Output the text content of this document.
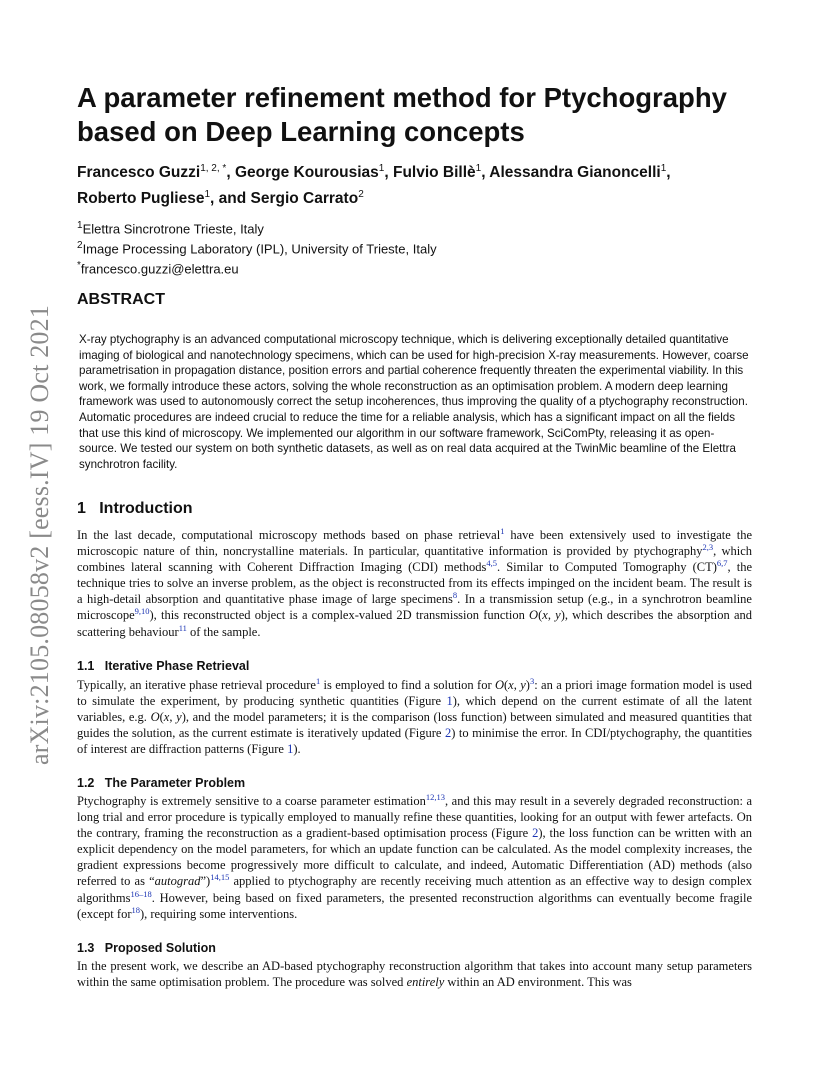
arXiv:2105.08058v2 [eess.IV] 19 Oct 2021
A parameter refinement method for Ptychography based on Deep Learning concepts
Francesco Guzzi$^{1, 2, *}$, George Kourousias$^1$, Fulvio Billè$^1$, Alessandra Gianoncelli$^1$,
Roberto Pugliese$^1$, and Sergio Carrato$^2$
$^1$Elettra Sincrotrone Trieste, Italy
$^2$Image Processing Laboratory (IPL), University of Trieste, Italy
*francesco.guzzi@elettra.eu
ABSTRACT

X-ray ptychography is an advanced computational microscopy technique, which is delivering exceptionally detailed quantitative imaging of biological and nanotechnology specimens, which can be used for high-precision X-ray measurements. However, coarse parametrisation in propagation distance, position errors and partial coherence frequently threaten the experimental viability. In this work, we formally introduce these actors, solving the whole reconstruction as an optimisation problem. A modern deep learning framework was used to autonomously correct the setup incoherences, thus improving the quality of a ptychography reconstruction. Automatic procedures are indeed crucial to reduce the time for a reliable analysis, which has a significant impact on all the fields that use this kind of microscopy. We implemented our algorithm in our software framework, SciComPty, releasing it as open-source. We tested our system on both synthetic datasets, as well as on real data acquired at the TwinMic beamline of the Elettra synchrotron facility.

1   Introduction

In the last decade, computational microscopy methods based on phase retrieval$^1$ have been extensively used to investigate the microscopic nature of thin, noncrystalline materials. In particular, quantitative information is provided by ptychography$^{2,3}$, which combines lateral scanning with Coherent Diffraction Imaging (CDI) methods$^{4,5}$. Similar to Computed Tomography (CT)$^{6,7}$, the technique tries to solve an inverse problem, as the object is reconstructed from its effects impinged on the incident beam. The result is a high-detail absorption and quantitative phase image of large specimens$^8$. In a transmission setup (e.g., in a synchrotron beamline microscope$^{9,10}$), this reconstructed object is a complex-valued 2D transmission function O(x, y), which describes the absorption and scattering behaviour$^{11}$ of the sample.

1.1   Iterative Phase Retrieval

Typically, an iterative phase retrieval procedure$^1$ is employed to find a solution for O(x, y)$^3$: an a priori image formation model is used to simulate the experiment, by producing synthetic quantities (Figure 1), which depend on the current estimate of all the latent variables, e.g. O(x, y), and the model parameters; it is the comparison (loss function) between simulated and measured quantities that guides the solution, as the current estimate is iteratively updated (Figure 2) to minimise the error. In CDI/ptychography, the quantities of interest are diffraction patterns (Figure 1).

1.2   The Parameter Problem

Ptychography is extremely sensitive to a coarse parameter estimation$^{12,13}$, and this may result in a severely degraded reconstruction: a long trial and error procedure is typically employed to manually refine these quantities, looking for an output with fewer artefacts. On the contrary, framing the reconstruction as a gradient-based optimisation process (Figure 2), the loss function can be written with an explicit dependency on the model parameters, for which an update function can be calculated. As the model complexity increases, the gradient expressions become progressively more difficult to calculate, and indeed, Automatic Differentiation (AD) methods (also referred to as “autograd”)$^{14,15}$ applied to ptychography are recently receiving much attention as an effective way to design complex algorithms$^{16-18}$. However, being based on fixed parameters, the presented reconstruction algorithms can eventually become fragile (except for$^{18}$), requiring some interventions.

1.3   Proposed Solution

In the present work, we describe an AD-based ptychography reconstruction algorithm that takes into account many setup parameters within the same optimisation problem. The procedure was solved entirely within an AD environment. This was
